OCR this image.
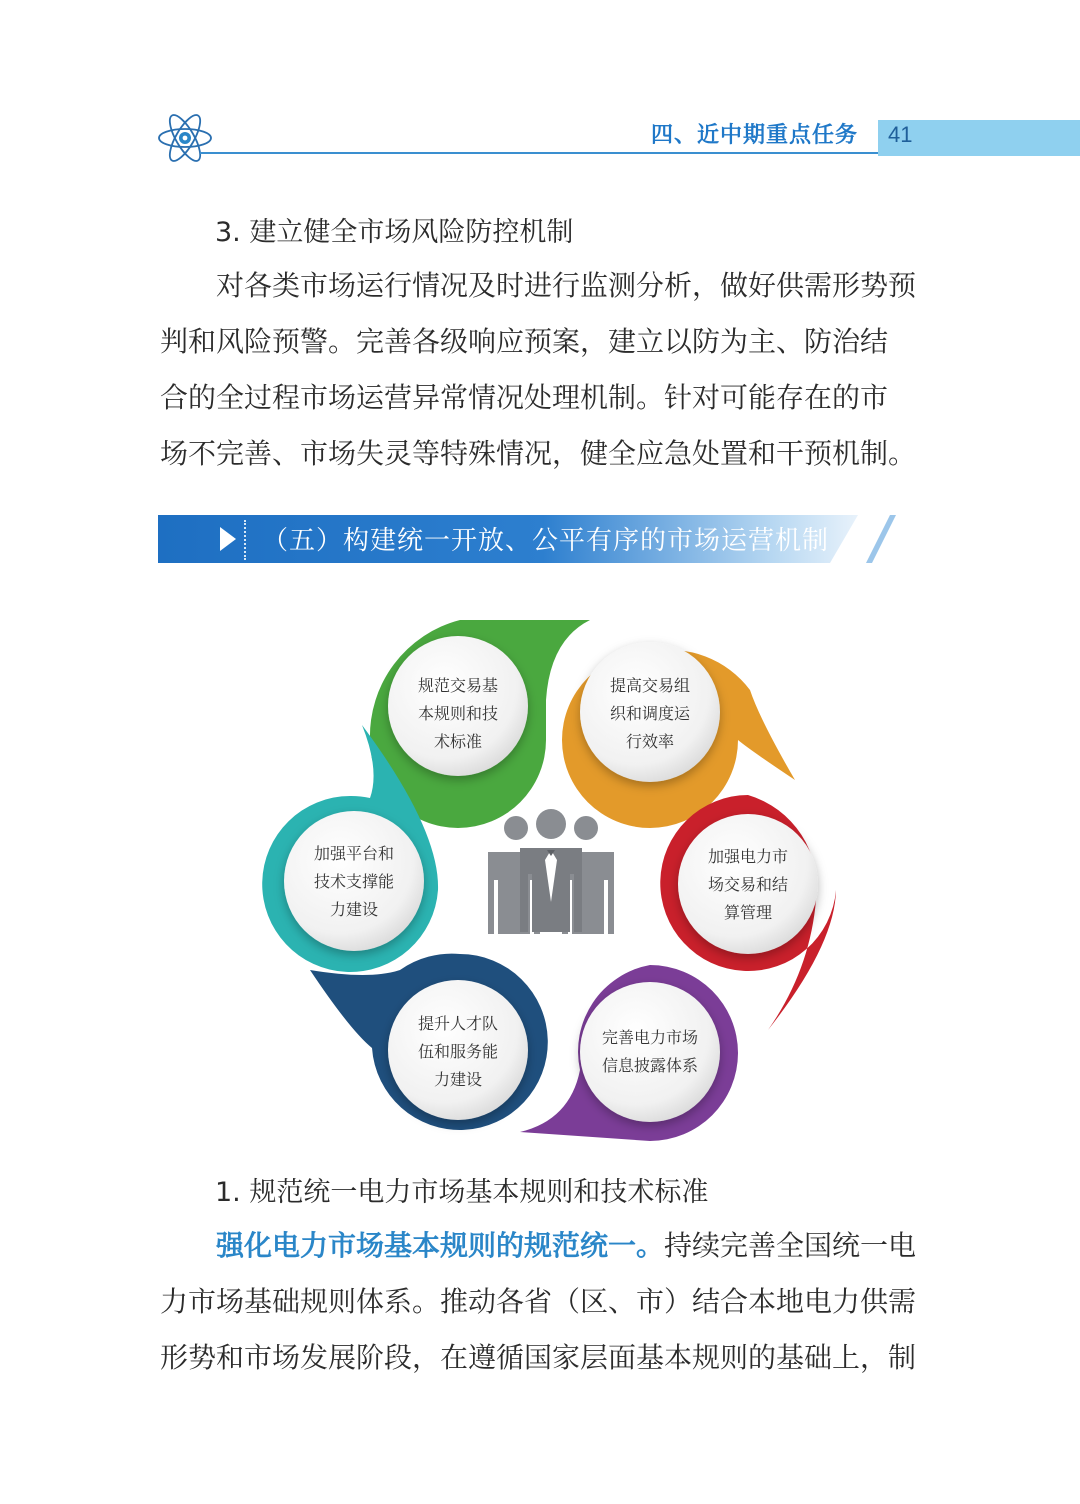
四、近中期重点任务 41
3. 建立健全市场风险防控机制
对各类市场运行情况及时进行监测分析，做好供需形势预
判和风险预警。完善各级响应预案，建立以防为主、防治结
合的全过程市场运营异常情况处理机制。针对可能存在的市
场不完善、市场失灵等特殊情况，健全应急处置和干预机制。
（五）构建统一开放、公平有序的市场运营机制
规范交易基
本规则和技
术标准
提高交易组
织和调度运
行效率
加强电力市
场交易和结
算管理
完善电力市场
信息披露体系
提升人才队
伍和服务能
力建设
加强平台和
技术支撑能
力建设
1. 规范统一电力市场基本规则和技术标准
强化电力市场基本规则的规范统一。持续完善全国统一电
力市场基础规则体系。推动各省（区、市）结合本地电力供需
形势和市场发展阶段，在遵循国家层面基本规则的基础上，制
